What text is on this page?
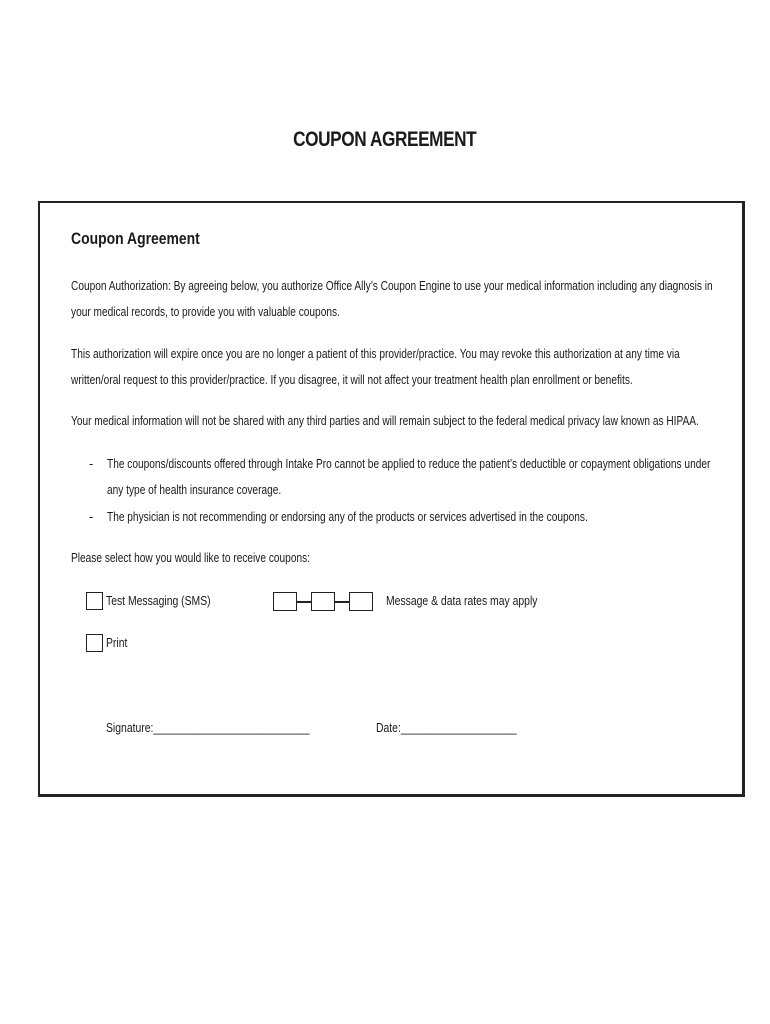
COUPON AGREEMENT
Coupon Agreement
Coupon Authorization: By agreeing below, you authorize Office Ally’s Coupon Engine to use your medical information including any diagnosis in
your medical records, to provide you with valuable coupons.
This authorization will expire once you are no longer a patient of this provider/practice. You may revoke this authorization at any time via
written/oral request to this provider/practice. If you disagree, it will not affect your treatment health plan enrollment or benefits.
Your medical information will not be shared with any third parties and will remain subject to the federal medical privacy law known as HIPAA.
- The coupons/discounts offered through Intake Pro cannot be applied to reduce the patient’s deductible or copayment obligations under
any type of health insurance coverage.
- The physician is not recommending or endorsing any of the products or services advertised in the coupons.
Please select how you would like to receive coupons:
Test Messaging (SMS)	Message & data rates may apply
Print
Signature:___________________________	Date:____________________
